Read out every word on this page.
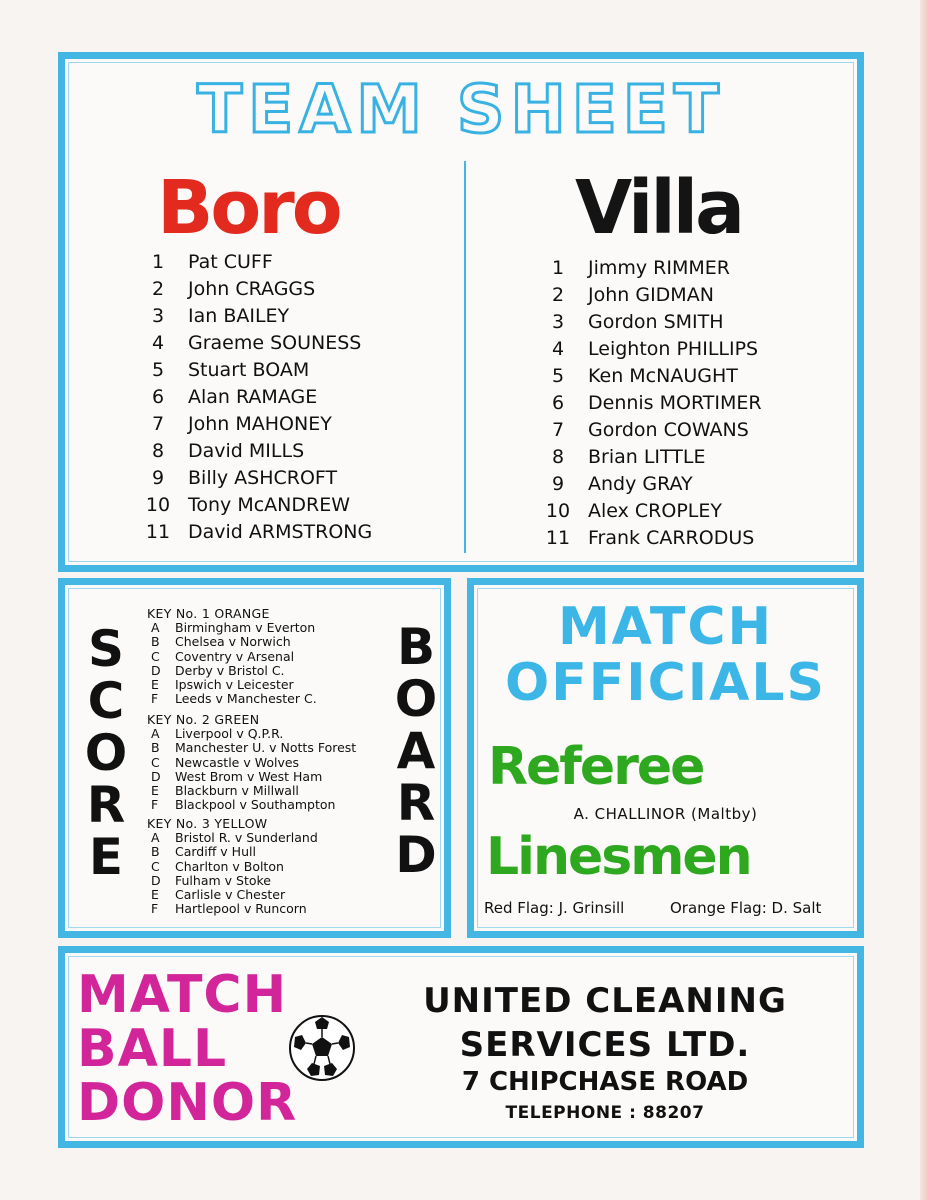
TEAM SHEET
Boro
1 Pat CUFF
2 John CRAGGS
3 Ian BAILEY
4 Graeme SOUNESS
5 Stuart BOAM
6 Alan RAMAGE
7 John MAHONEY
8 David MILLS
9 Billy ASHCROFT
10 Tony McANDREW
11 David ARMSTRONG
Villa
1 Jimmy RIMMER
2 John GIDMAN
3 Gordon SMITH
4 Leighton PHILLIPS
5 Ken McNAUGHT
6 Dennis MORTIMER
7 Gordon COWANS
8 Brian LITTLE
9 Andy GRAY
10 Alex CROPLEY
11 Frank CARRODUS
S
C
O
R
E
KEY No. 1 ORANGE
A Birmingham v Everton
B Chelsea v Norwich
C Coventry v Arsenal
D Derby v Bristol C.
E Ipswich v Leicester
F Leeds v Manchester C.
KEY No. 2 GREEN
A Liverpool v Q.P.R.
B Manchester U. v Notts Forest
C Newcastle v Wolves
D West Brom v West Ham
E Blackburn v Millwall
F Blackpool v Southampton
KEY No. 3 YELLOW
A Bristol R. v Sunderland
B Cardiff v Hull
C Charlton v Bolton
D Fulham v Stoke
E Carlisle v Chester
F Hartlepool v Runcorn
B
O
A
R
D
MATCH
OFFICIALS
Referee
A. CHALLINOR (Maltby)
Linesmen
Red Flag: J. Grinsill	Orange Flag: D. Salt
MATCH
BALL
DONOR
UNITED CLEANING
SERVICES LTD.
7 CHIPCHASE ROAD
TELEPHONE : 88207
